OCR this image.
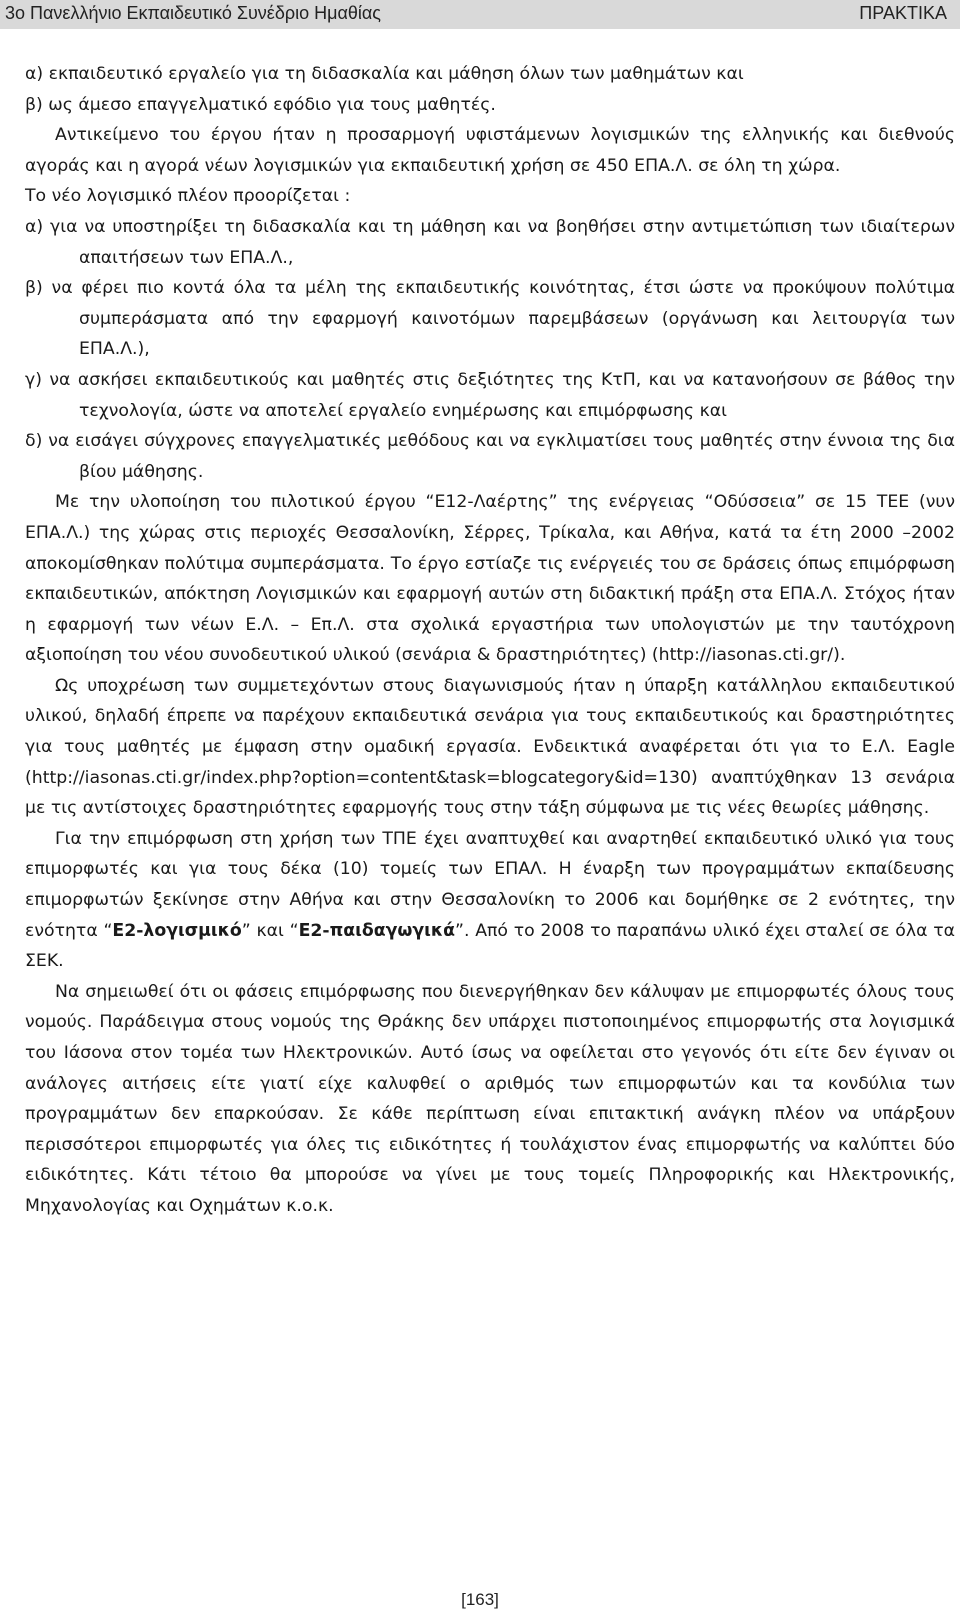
3ο Πανελλήνιο Εκπαιδευτικό Συνέδριο Ημαθίας	ΠΡΑΚΤΙΚΑ

α) εκπαιδευτικό εργαλείο για τη διδασκαλία και μάθηση όλων των μαθημάτων και

β) ως άμεσο επαγγελματικό εφόδιο για τους μαθητές.

Αντικείμενο του έργου ήταν η προσαρμογή υφιστάμενων λογισμικών της ελληνικής και διεθνούς αγοράς και η αγορά νέων λογισμικών για εκπαιδευτική χρήση σε 450 ΕΠΑ.Λ. σε όλη τη χώρα.

Το νέο λογισμικό πλέον προορίζεται :

α) για να υποστηρίξει τη διδασκαλία και τη μάθηση και να βοηθήσει στην αντιμετώπιση των ιδιαίτερων απαιτήσεων των ΕΠΑ.Λ.,

β) να φέρει πιο κοντά όλα τα μέλη της εκπαιδευτικής κοινότητας, έτσι ώστε να προκύψουν πολύτιμα συμπεράσματα από την εφαρμογή καινοτόμων παρεμβάσεων (οργάνωση και λειτουργία των ΕΠΑ.Λ.),

γ) να ασκήσει εκπαιδευτικούς και μαθητές στις δεξιότητες της ΚτΠ, και να κατανοήσουν σε βάθος την τεχνολογία, ώστε να αποτελεί εργαλείο ενημέρωσης και επιμόρφωσης και

δ) να εισάγει σύγχρονες επαγγελματικές μεθόδους και να εγκλιματίσει τους μαθητές στην έννοια της δια βίου μάθησης.

Με την υλοποίηση του πιλοτικού έργου “Ε12-Λαέρτης” της ενέργειας “Οδύσσεια” σε 15 ΤΕΕ (νυν ΕΠΑ.Λ.) της χώρας στις περιοχές Θεσσαλονίκη, Σέρρες, Τρίκαλα, και Αθήνα, κατά τα έτη 2000 –2002 αποκομίσθηκαν πολύτιμα συμπεράσματα. Το έργο εστίαζε τις ενέργειές του σε δράσεις όπως επιμόρφωση εκπαιδευτικών, απόκτηση Λογισμικών και εφαρμογή αυτών στη διδακτική πράξη στα ΕΠΑ.Λ. Στόχος ήταν η εφαρμογή των νέων Ε.Λ. – Επ.Λ. στα σχολικά εργαστήρια των υπολογιστών με την ταυτόχρονη αξιοποίηση του νέου συνοδευτικού υλικού (σενάρια & δραστηριότητες) (http://iasonas.cti.gr/).

Ως υποχρέωση των συμμετεχόντων στους διαγωνισμούς ήταν η ύπαρξη κατάλληλου εκπαιδευτικού υλικού, δηλαδή έπρεπε να παρέχουν εκπαιδευτικά σενάρια για τους εκπαιδευτικούς και δραστηριότητες για τους μαθητές με έμφαση στην ομαδική εργασία. Ενδεικτικά αναφέρεται ότι για το Ε.Λ. Eagle (http://iasonas.cti.gr/index.php?option=content&task=blogcategory&id=130) αναπτύχθηκαν 13 σενάρια με τις αντίστοιχες δραστηριότητες εφαρμογής τους στην τάξη σύμφωνα με τις νέες θεωρίες μάθησης.

Για την επιμόρφωση στη χρήση των ΤΠΕ έχει αναπτυχθεί και αναρτηθεί εκπαιδευτικό υλικό για τους επιμορφωτές και για τους δέκα (10) τομείς των ΕΠΑΛ. Η έναρξη των προγραμμάτων εκπαίδευσης επιμορφωτών ξεκίνησε στην Αθήνα και στην Θεσσαλονίκη το 2006 και δομήθηκε σε 2 ενότητες, την ενότητα “Ε2-λογισμικό” και “Ε2-παιδαγωγικά”. Από το 2008 το παραπάνω υλικό έχει σταλεί σε όλα τα ΣΕΚ.

Να σημειωθεί ότι οι φάσεις επιμόρφωσης που διενεργήθηκαν δεν κάλυψαν με επιμορφωτές όλους τους νομούς. Παράδειγμα στους νομούς της Θράκης δεν υπάρχει πιστοποιημένος επιμορφωτής στα λογισμικά του Ιάσονα στον τομέα των Ηλεκτρονικών. Αυτό ίσως να οφείλεται στο γεγονός ότι είτε δεν έγιναν οι ανάλογες αιτήσεις είτε γιατί είχε καλυφθεί ο αριθμός των επιμορφωτών και τα κονδύλια των προγραμμάτων δεν επαρκούσαν. Σε κάθε περίπτωση είναι επιτακτική ανάγκη πλέον να υπάρξουν περισσότεροι επιμορφωτές για όλες τις ειδικότητες ή τουλάχιστον ένας επιμορφωτής να καλύπτει δύο ειδικότητες. Κάτι τέτοιο θα μπορούσε να γίνει με τους τομείς Πληροφορικής και Ηλεκτρονικής, Μηχανολογίας και Οχημάτων κ.ο.κ.

[163]
